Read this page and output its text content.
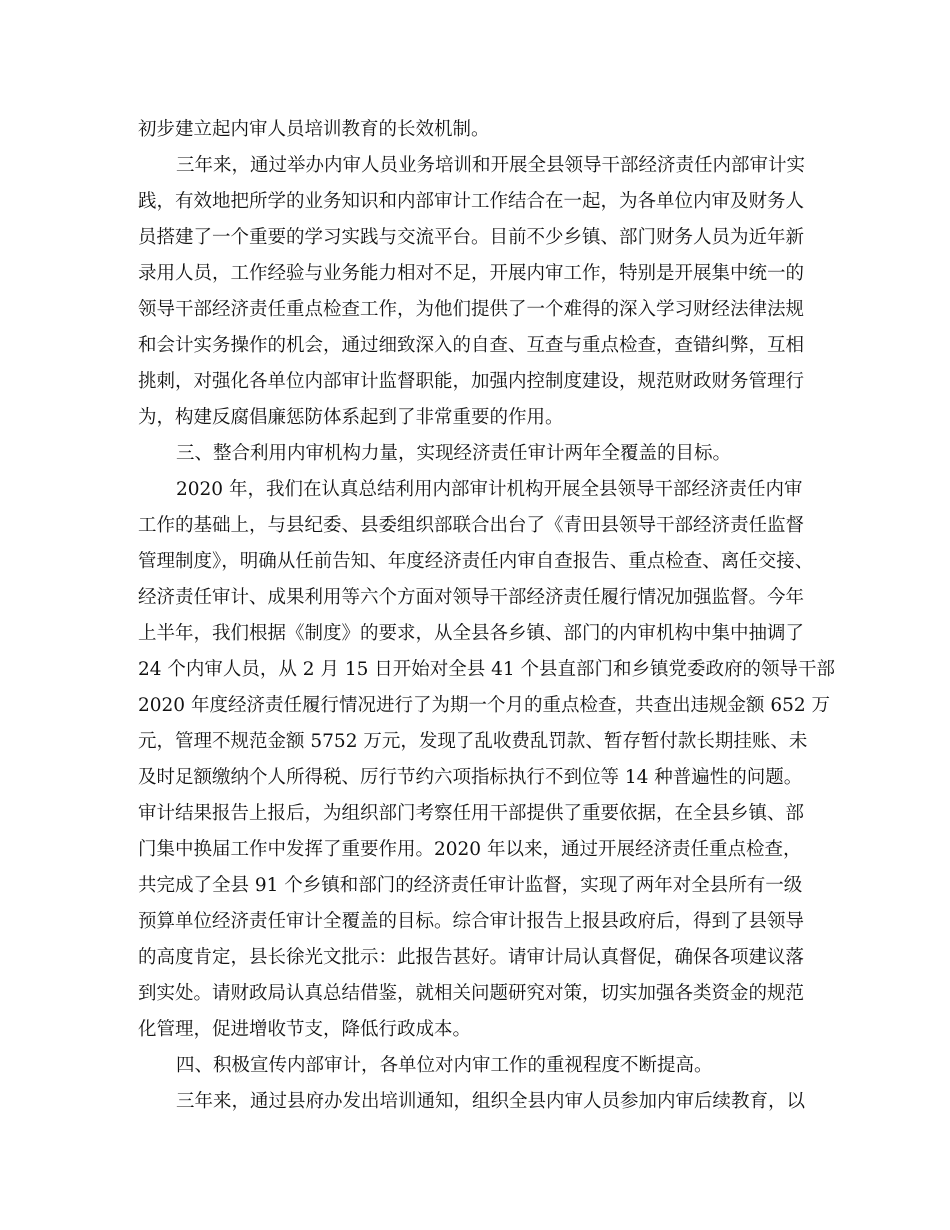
初步建立起内审人员培训教育的长效机制。
三年来，通过举办内审人员业务培训和开展全县领导干部经济责任内部审计实
践，有效地把所学的业务知识和内部审计工作结合在一起，为各单位内审及财务人
员搭建了一个重要的学习实践与交流平台。目前不少乡镇、部门财务人员为近年新
录用人员，工作经验与业务能力相对不足，开展内审工作，特别是开展集中统一的
领导干部经济责任重点检查工作，为他们提供了一个难得的深入学习财经法律法规
和会计实务操作的机会，通过细致深入的自查、互查与重点检查，查错纠弊，互相
挑刺，对强化各单位内部审计监督职能，加强内控制度建设，规范财政财务管理行
为，构建反腐倡廉惩防体系起到了非常重要的作用。
三、整合利用内审机构力量，实现经济责任审计两年全覆盖的目标。
2020 年，我们在认真总结利用内部审计机构开展全县领导干部经济责任内审
工作的基础上，与县纪委、县委组织部联合出台了《青田县领导干部经济责任监督
管理制度》，明确从任前告知、年度经济责任内审自查报告、重点检查、离任交接、
经济责任审计、成果利用等六个方面对领导干部经济责任履行情况加强监督。今年
上半年，我们根据《制度》的要求，从全县各乡镇、部门的内审机构中集中抽调了
24 个内审人员，从 2 月 15 日开始对全县 41 个县直部门和乡镇党委政府的领导干部
2020 年度经济责任履行情况进行了为期一个月的重点检查，共查出违规金额 652 万
元，管理不规范金额 5752 万元，发现了乱收费乱罚款、暂存暂付款长期挂账、未
及时足额缴纳个人所得税、厉行节约六项指标执行不到位等 14 种普遍性的问题。
审计结果报告上报后，为组织部门考察任用干部提供了重要依据，在全县乡镇、部
门集中换届工作中发挥了重要作用。2020 年以来，通过开展经济责任重点检查，
共完成了全县 91 个乡镇和部门的经济责任审计监督，实现了两年对全县所有一级
预算单位经济责任审计全覆盖的目标。综合审计报告上报县政府后，得到了县领导
的高度肯定，县长徐光文批示：此报告甚好。请审计局认真督促，确保各项建议落
到实处。请财政局认真总结借鉴，就相关问题研究对策，切实加强各类资金的规范
化管理，促进增收节支，降低行政成本。
四、积极宣传内部审计，各单位对内审工作的重视程度不断提高。
三年来，通过县府办发出培训通知，组织全县内审人员参加内审后续教育，以
